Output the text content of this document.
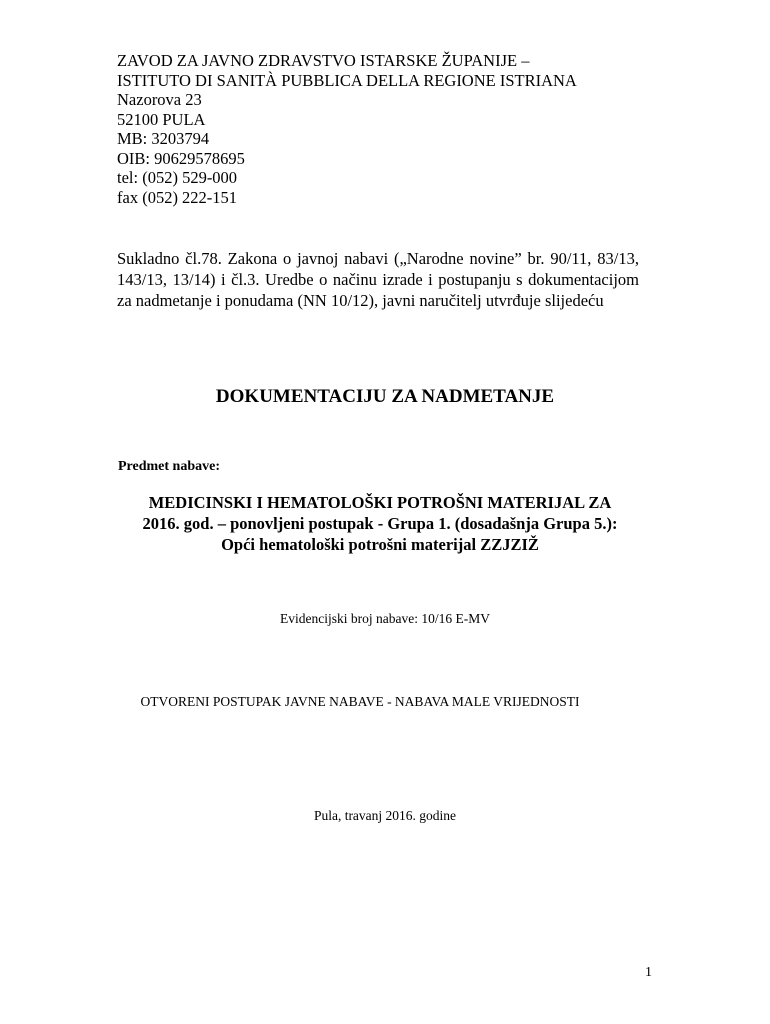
ZAVOD ZA JAVNO ZDRAVSTVO ISTARSKE ŽUPANIJE –
ISTITUTO DI SANITÀ PUBBLICA DELLA REGIONE ISTRIANA
Nazorova 23
52100 PULA
MB: 3203794
OIB: 90629578695
tel: (052) 529-000
fax (052) 222-151
Sukladno čl.78. Zakona o javnoj nabavi („Narodne novine” br. 90/11, 83/13, 143/13, 13/14) i čl.3. Uredbe o načinu izrade i postupanju s dokumentacijom za nadmetanje i ponudama (NN 10/12), javni naručitelj utvrđuje slijedeću
DOKUMENTACIJU ZA NADMETANJE
Predmet nabave:
MEDICINSKI I HEMATOLOŠKI POTROŠNI MATERIJAL ZA
2016. god. – ponovljeni postupak - Grupa 1. (dosadašnja Grupa 5.):
Opći hematološki potrošni materijal ZZJZIŽ
Evidencijski broj nabave: 10/16 E-MV
OTVORENI POSTUPAK JAVNE NABAVE - NABAVA MALE VRIJEDNOSTI
Pula, travanj 2016. godine
1
